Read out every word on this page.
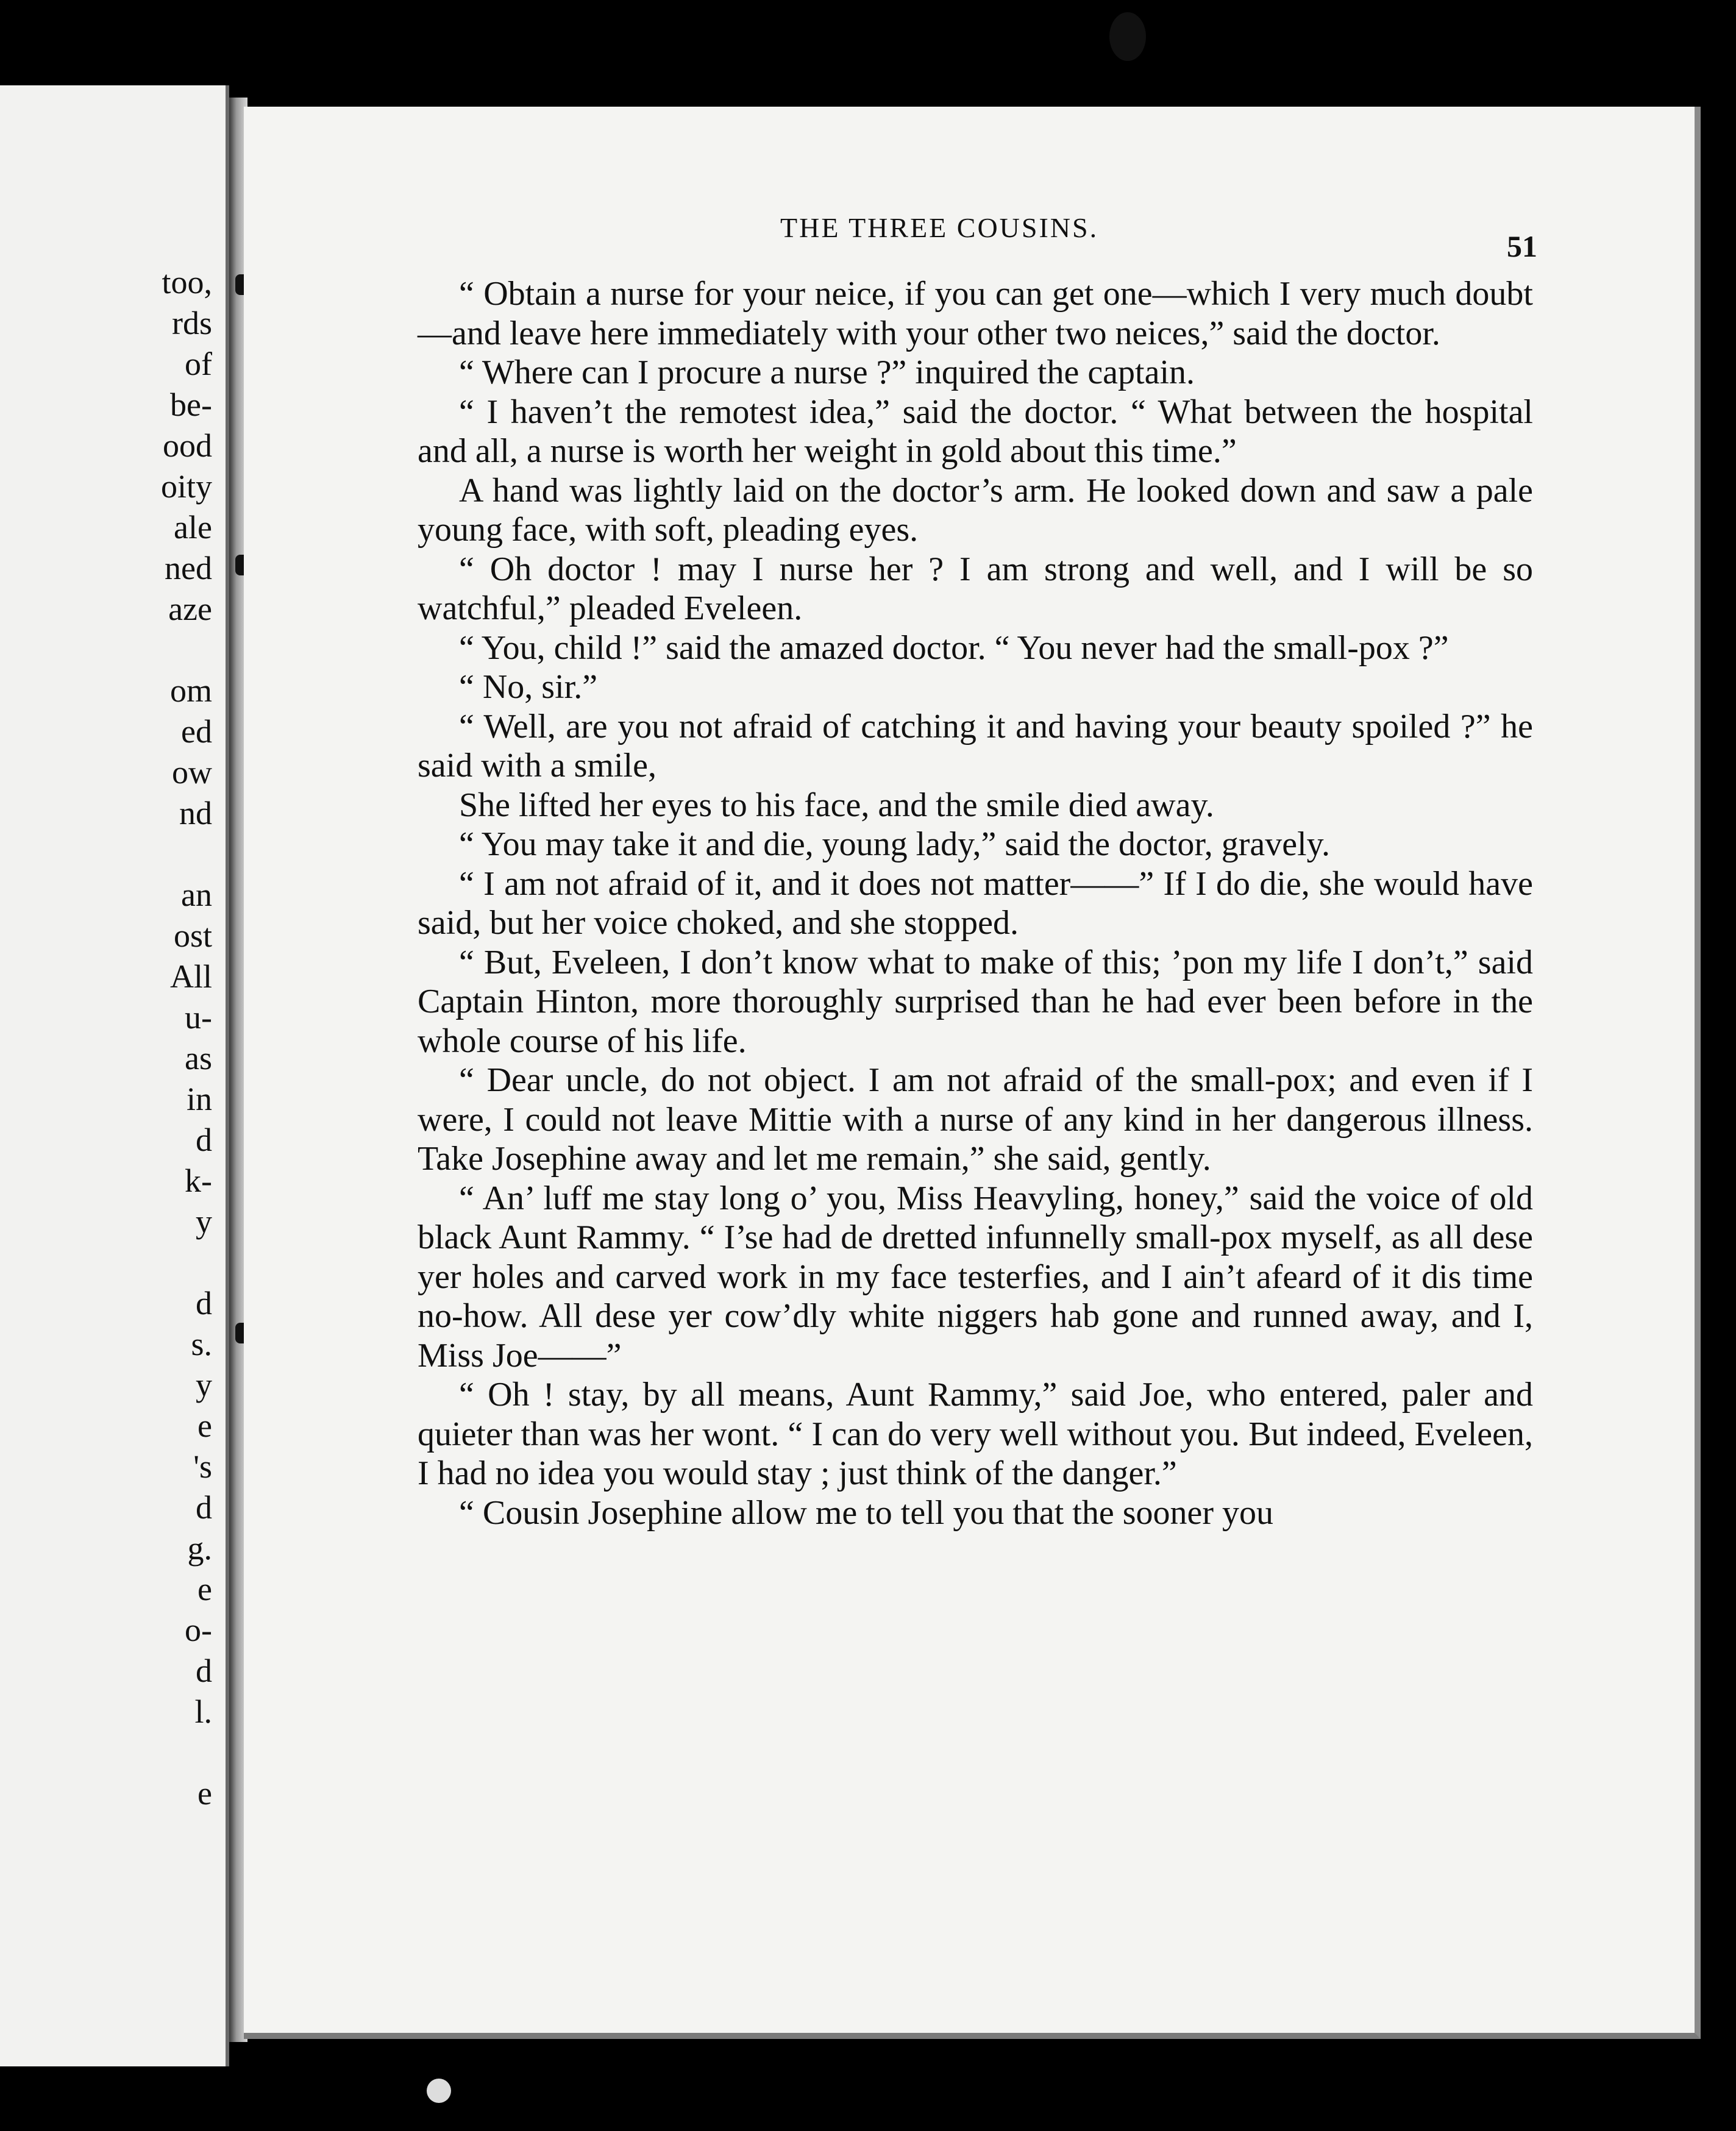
too,
rds
of
be-
ood
oity
ale
ned
aze
om
ed
ow
nd
an
ost
All
u-
as
in
d
k-
y
d
s.
y
e
's
d
g.
e
o-
d
l.
e
THE THREE COUSINS.
51

“ Obtain a nurse for your neice, if you can get one—which I very much doubt—and leave here immediately with your other two neices,” said the doctor.

“ Where can I procure a nurse ?” inquired the captain.

“ I haven’t the remotest idea,” said the doctor. “ What between the hospital and all, a nurse is worth her weight in gold about this time.”

A hand was lightly laid on the doctor’s arm. He looked down and saw a pale young face, with soft, pleading eyes.

“ Oh doctor ! may I nurse her ? I am strong and well, and I will be so watchful,” pleaded Eveleen.

“ You, child !” said the amazed doctor. “ You never had the small-pox ?”

“ No, sir.”

“ Well, are you not afraid of catching it and having your beauty spoiled ?” he said with a smile,

She lifted her eyes to his face, and the smile died away.

“ You may take it and die, young lady,” said the doctor, gravely.

“ I am not afraid of it, and it does not matter——” If I do die, she would have said, but her voice choked, and she stopped.

“ But, Eveleen, I don’t know what to make of this; ’pon my life I don’t,” said Captain Hinton, more thoroughly surprised than he had ever been before in the whole course of his life.

“ Dear uncle, do not object. I am not afraid of the small-pox; and even if I were, I could not leave Mittie with a nurse of any kind in her dangerous illness. Take Josephine away and let me remain,” she said, gently.

“ An’ luff me stay long o’ you, Miss Heavyling, honey,” said the voice of old black Aunt Rammy. “ I’se had de dretted infunnelly small-pox myself, as all dese yer holes and carved work in my face testerfies, and I ain’t afeard of it dis time no-how. All dese yer cow’dly white niggers hab gone and runned away, and I, Miss Joe——”

“ Oh ! stay, by all means, Aunt Rammy,” said Joe, who entered, paler and quieter than was her wont. “ I can do very well without you. But indeed, Eveleen, I had no idea you would stay ; just think of the danger.”

“ Cousin Josephine allow me to tell you that the sooner you
